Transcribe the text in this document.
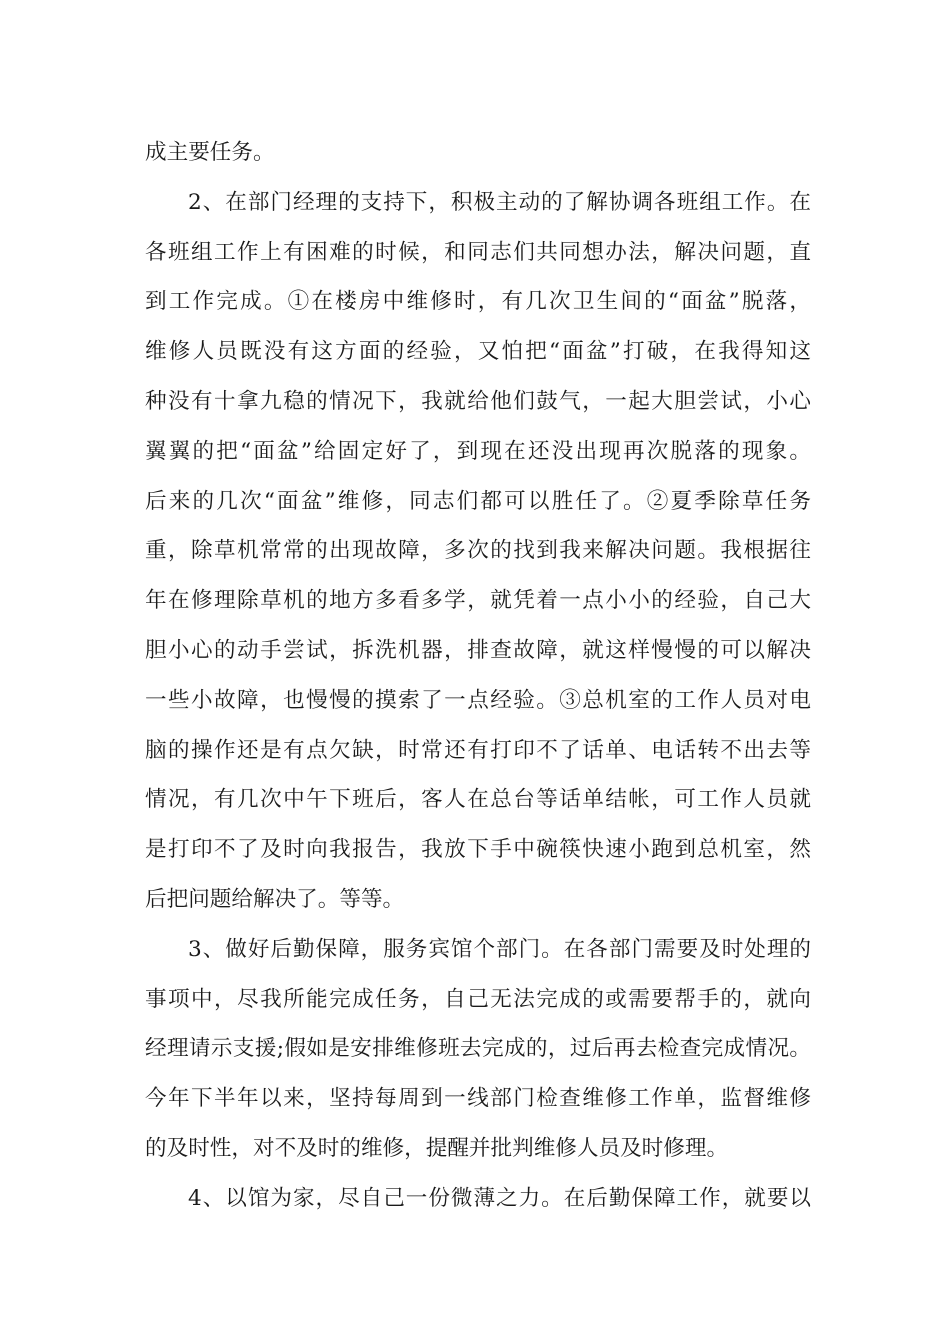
成主要任务。

2、在部门经理的支持下，积极主动的了解协调各班组工作。在

各班组工作上有困难的时候，和同志们共同想办法，解决问题，直

到工作完成。①在楼房中维修时，有几次卫生间的“面盆”脱落，

维修人员既没有这方面的经验，又怕把“面盆”打破，在我得知这

种没有十拿九稳的情况下，我就给他们鼓气，一起大胆尝试，小心

翼翼的把“面盆”给固定好了，到现在还没出现再次脱落的现象。

后来的几次“面盆”维修，同志们都可以胜任了。②夏季除草任务

重，除草机常常的出现故障，多次的找到我来解决问题。我根据往

年在修理除草机的地方多看多学，就凭着一点小小的经验，自己大

胆小心的动手尝试，拆洗机器，排查故障，就这样慢慢的可以解决

一些小故障，也慢慢的摸索了一点经验。③总机室的工作人员对电

脑的操作还是有点欠缺，时常还有打印不了话单、电话转不出去等

情况，有几次中午下班后，客人在总台等话单结帐，可工作人员就

是打印不了及时向我报告，我放下手中碗筷快速小跑到总机室，然

后把问题给解决了。等等。

3、做好后勤保障，服务宾馆个部门。在各部门需要及时处理的

事项中，尽我所能完成任务，自己无法完成的或需要帮手的，就向

经理请示支援;假如是安排维修班去完成的，过后再去检查完成情况。

今年下半年以来，坚持每周到一线部门检查维修工作单，监督维修

的及时性，对不及时的维修，提醒并批判维修人员及时修理。

4、以馆为家，尽自己一份微薄之力。在后勤保障工作，就要以
